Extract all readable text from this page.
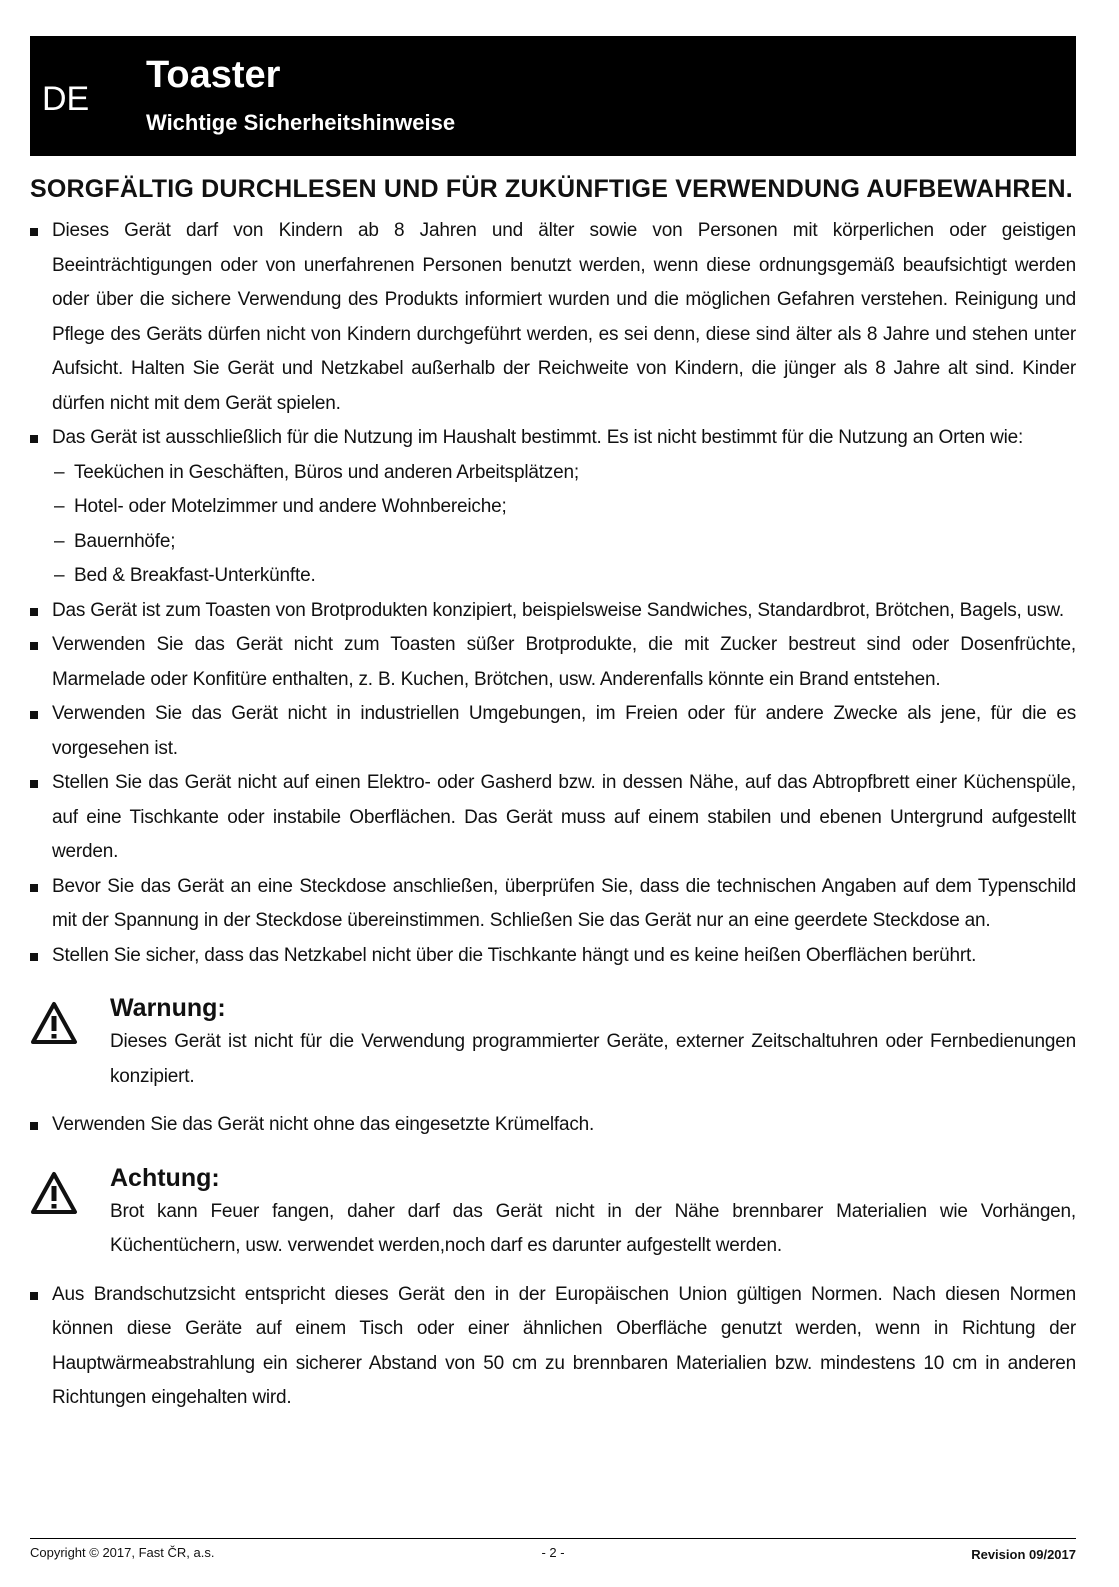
DE
Toaster
Wichtige Sicherheitshinweise
SORGFÄLTIG DURCHLESEN UND FÜR ZUKÜNFTIGE VERWENDUNG AUFBEWAHREN.
Dieses Gerät darf von Kindern ab 8 Jahren und älter sowie von Personen mit körperlichen oder geistigen Beeinträchtigungen oder von unerfahrenen Personen benutzt werden, wenn diese ordnungsgemäß beaufsichtigt werden oder über die sichere Verwendung des Produkts informiert wurden und die möglichen Gefahren verstehen. Reinigung und Pflege des Geräts dürfen nicht von Kindern durchgeführt werden, es sei denn, diese sind älter als 8 Jahre und stehen unter Aufsicht. Halten Sie Gerät und Netzkabel außerhalb der Reichweite von Kindern, die jünger als 8 Jahre alt sind. Kinder dürfen nicht mit dem Gerät spielen.
Das Gerät ist ausschließlich für die Nutzung im Haushalt bestimmt. Es ist nicht bestimmt für die Nutzung an Orten wie:
– Teeküchen in Geschäften, Büros und anderen Arbeitsplätzen;
– Hotel- oder Motelzimmer und andere Wohnbereiche;
– Bauernhöfe;
– Bed & Breakfast-Unterkünfte.
Das Gerät ist zum Toasten von Brotprodukten konzipiert, beispielsweise Sandwiches, Standardbrot, Brötchen, Bagels, usw.
Verwenden Sie das Gerät nicht zum Toasten süßer Brotprodukte, die mit Zucker bestreut sind oder Dosenfrüchte, Marmelade oder Konfitüre enthalten, z. B. Kuchen, Brötchen, usw. Anderenfalls könnte ein Brand entstehen.
Verwenden Sie das Gerät nicht in industriellen Umgebungen, im Freien oder für andere Zwecke als jene, für die es vorgesehen ist.
Stellen Sie das Gerät nicht auf einen Elektro- oder Gasherd bzw. in dessen Nähe, auf das Abtropfbrett einer Küchenspüle, auf eine Tischkante oder instabile Oberflächen. Das Gerät muss auf einem stabilen und ebenen Untergrund aufgestellt werden.
Bevor Sie das Gerät an eine Steckdose anschließen, überprüfen Sie, dass die technischen Angaben auf dem Typenschild mit der Spannung in der Steckdose übereinstimmen. Schließen Sie das Gerät nur an eine geerdete Steckdose an.
Stellen Sie sicher, dass das Netzkabel nicht über die Tischkante hängt und es keine heißen Oberflächen berührt.
Warnung:
Dieses Gerät ist nicht für die Verwendung programmierter Geräte, externer Zeitschaltuhren oder Fernbedienungen konzipiert.
Verwenden Sie das Gerät nicht ohne das eingesetzte Krümelfach.
Achtung:
Brot kann Feuer fangen, daher darf das Gerät nicht in der Nähe brennbarer Materialien wie Vorhängen, Küchentüchern, usw. verwendet werden,noch darf es darunter aufgestellt werden.
Aus Brandschutzsicht entspricht dieses Gerät den in der Europäischen Union gültigen Normen. Nach diesen Normen können diese Geräte auf einem Tisch oder einer ähnlichen Oberfläche genutzt werden, wenn in Richtung der Hauptwärmeabstrahlung ein sicherer Abstand von 50 cm zu brennbaren Materialien bzw. mindestens 10 cm in anderen Richtungen eingehalten wird.
Copyright © 2017, Fast ČR, a.s.	- 2 -	Revision 09/2017
